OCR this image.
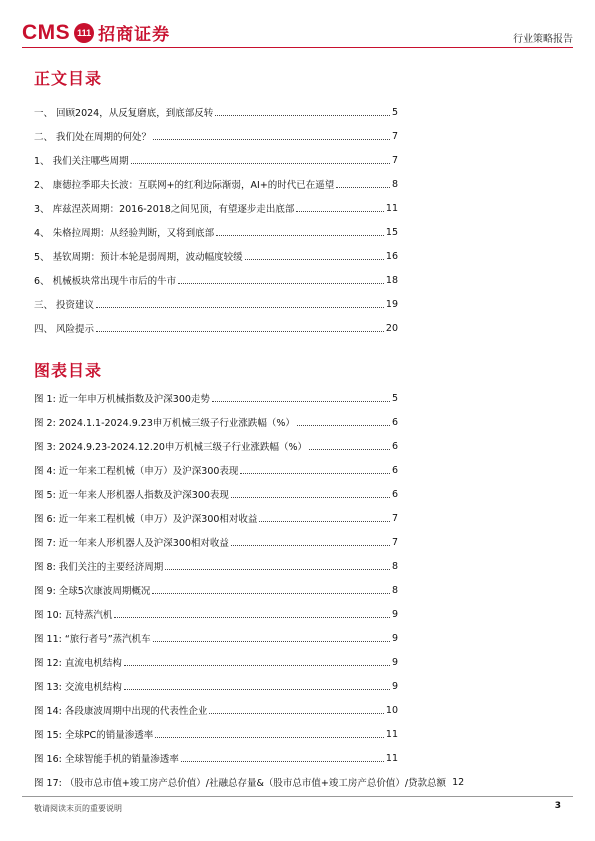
CMS 111 招商证券	行业策略报告
正文目录
一、 回顾2024，从反复磨底，到底部反转	5
二、 我们处在周期的何处？	7
1、 我们关注哪些周期	7
2、 康德拉季耶夫长波：互联网+的红利边际渐弱，AI+的时代已在遥望	8
3、 库兹涅茨周期：2016-2018之间见顶，有望逐步走出底部	11
4、 朱格拉周期：从经验判断，又将到底部	15
5、 基钦周期：预计本轮是弱周期，波动幅度较缓	16
6、 机械板块常出现牛市后的牛市	18
三、 投资建议	19
四、 风险提示	20
图表目录
图 1: 近一年申万机械指数及沪深300走势	5
图 2: 2024.1.1-2024.9.23申万机械三级子行业涨跌幅（%）	6
图 3: 2024.9.23-2024.12.20申万机械三级子行业涨跌幅（%）	6
图 4: 近一年来工程机械（申万）及沪深300表现	6
图 5: 近一年来人形机器人指数及沪深300表现	6
图 6: 近一年来工程机械（申万）及沪深300相对收益	7
图 7: 近一年来人形机器人及沪深300相对收益	7
图 8: 我们关注的主要经济周期	8
图 9: 全球5次康波周期概况	8
图 10: 瓦特蒸汽机	9
图 11: “旅行者号”蒸汽机车	9
图 12: 直流电机结构	9
图 13: 交流电机结构	9
图 14: 各段康波周期中出现的代表性企业	10
图 15: 全球PC的销量渗透率	11
图 16: 全球智能手机的销量渗透率	11
图 17: （股市总市值+竣工房产总价值）/社融总存量&（股市总市值+竣工房产总价值）/贷款总额 12
敬请阅读末页的重要说明	3
